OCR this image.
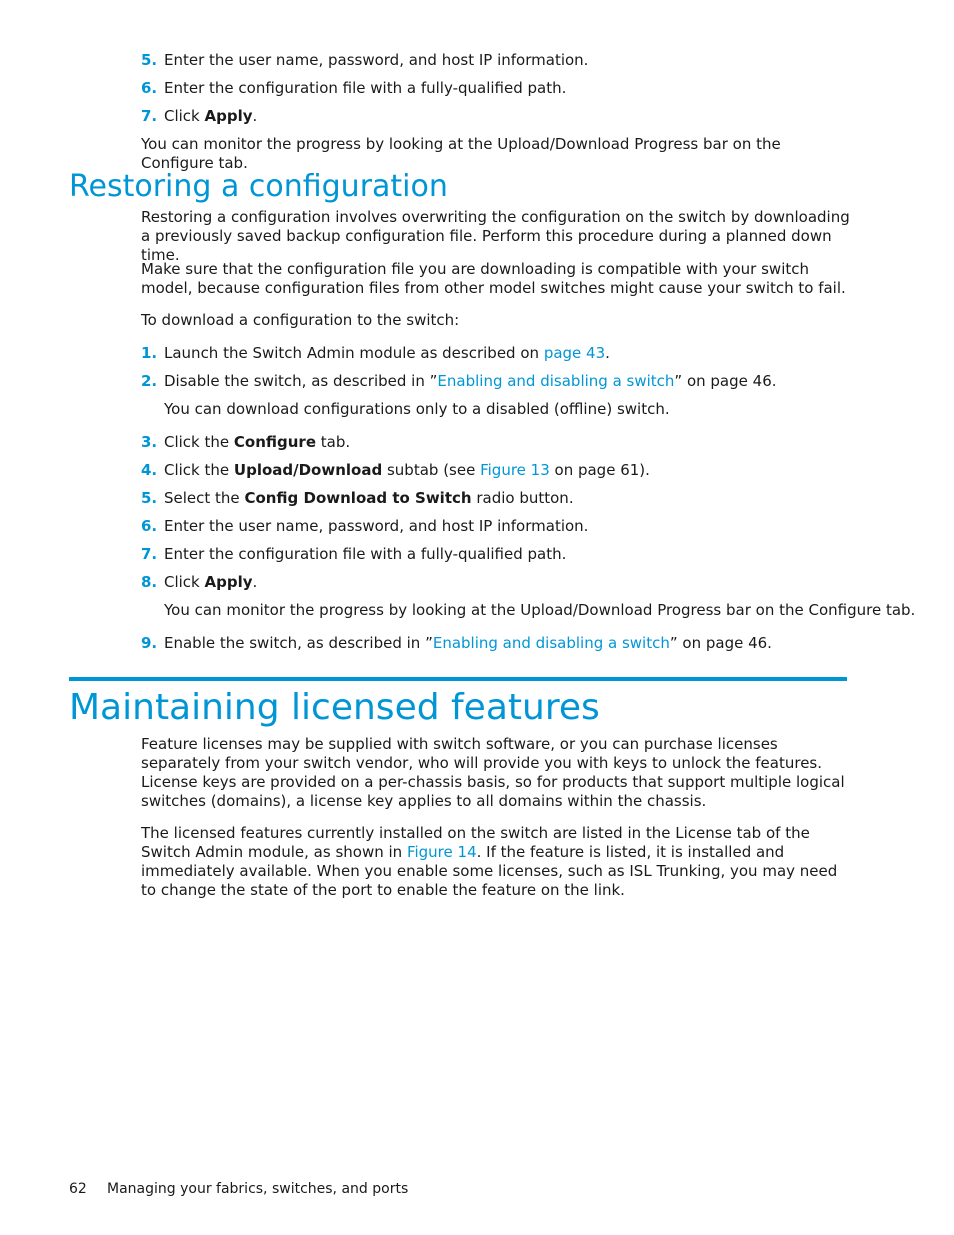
5. Enter the user name, password, and host IP information.
6. Enter the configuration file with a fully-qualified path.
7. Click Apply.
You can monitor the progress by looking at the Upload/Download Progress bar on the Configure tab.
Restoring a configuration
Restoring a configuration involves overwriting the configuration on the switch by downloading a previously saved backup configuration file. Perform this procedure during a planned down time.
Make sure that the configuration file you are downloading is compatible with your switch model, because configuration files from other model switches might cause your switch to fail.
To download a configuration to the switch:
1. Launch the Switch Admin module as described on page 43.
2. Disable the switch, as described in ”Enabling and disabling a switch” on page 46.
You can download configurations only to a disabled (offline) switch.
3. Click the Configure tab.
4. Click the Upload/Download subtab (see Figure 13 on page 61).
5. Select the Config Download to Switch radio button.
6. Enter the user name, password, and host IP information.
7. Enter the configuration file with a fully-qualified path.
8. Click Apply.
You can monitor the progress by looking at the Upload/Download Progress bar on the Configure tab.
9. Enable the switch, as described in ”Enabling and disabling a switch” on page 46.
Maintaining licensed features
Feature licenses may be supplied with switch software, or you can purchase licenses separately from your switch vendor, who will provide you with keys to unlock the features. License keys are provided on a per-chassis basis, so for products that support multiple logical switches (domains), a license key applies to all domains within the chassis.
The licensed features currently installed on the switch are listed in the License tab of the Switch Admin module, as shown in Figure 14. If the feature is listed, it is installed and immediately available. When you enable some licenses, such as ISL Trunking, you may need to change the state of the port to enable the feature on the link.
62 Managing your fabrics, switches, and ports
